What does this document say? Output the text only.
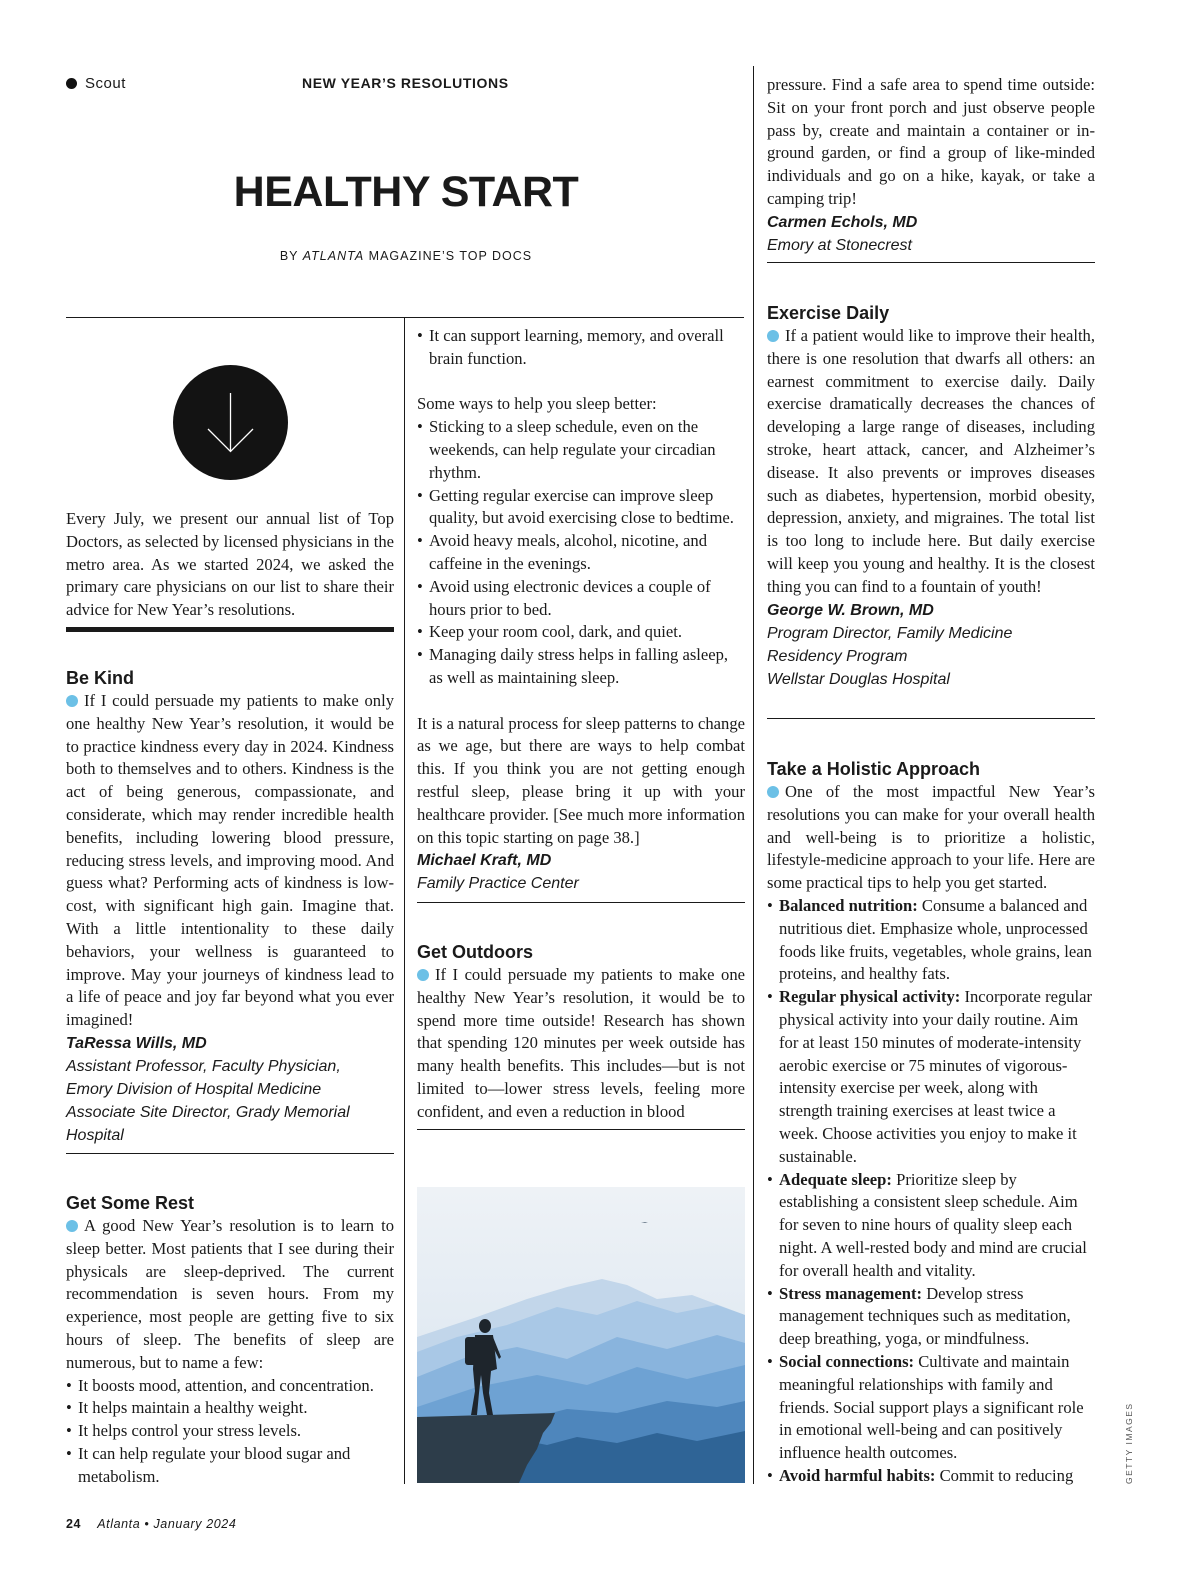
Scout	NEW YEAR’S RESOLUTIONS
HEALTHY START
BY ATLANTA MAGAZINE’S TOP DOCS
Every July, we present our annual list of Top Doctors, as selected by licensed physicians in the metro area. As we started 2024, we asked the primary care physicians on our list to share their advice for New Year’s resolutions.
Be Kind

If I could persuade my patients to make only one healthy New Year’s resolution, it would be to practice kindness every day in 2024. Kindness both to themselves and to others. Kindness is the act of being generous, compassionate, and considerate, which may render incredible health benefits, including lowering blood pressure, reducing stress levels, and improving mood. And guess what? Performing acts of kindness is low-cost, with significant high gain. Imagine that. With a little intentionality to these daily behaviors, your wellness is guaranteed to improve. May your journeys of kindness lead to a life of peace and joy far beyond what you ever imagined!

TaRessa Wills, MD
Assistant Professor, Faculty Physician,
Emory Division of Hospital Medicine
Associate Site Director, Grady Memorial
Hospital
Get Some Rest

A good New Year’s resolution is to learn to sleep better. Most patients that I see during their physicals are sleep-deprived. The current recommendation is seven hours. From my experience, most people are getting five to six hours of sleep. The benefits of sleep are numerous, but to name a few:

• It boosts mood, attention, and concentration.
• It helps maintain a healthy weight.
• It helps control your stress levels.
• It can help regulate your blood sugar and metabolism.
• It can support learning, memory, and overall brain function.

Some ways to help you sleep better:

• Sticking to a sleep schedule, even on the weekends, can help regulate your circadian rhythm.
• Getting regular exercise can improve sleep quality, but avoid exercising close to bedtime.
• Avoid heavy meals, alcohol, nicotine, and caffeine in the evenings.
• Avoid using electronic devices a couple of hours prior to bed.
• Keep your room cool, dark, and quiet.
• Managing daily stress helps in falling asleep, as well as maintaining sleep.

It is a natural process for sleep patterns to change as we age, but there are ways to help combat this. If you think you are not getting enough restful sleep, please bring it up with your healthcare provider. [See much more information on this topic starting on page 38.]

Michael Kraft, MD
Family Practice Center
Get Outdoors

If I could persuade my patients to make one healthy New Year’s resolution, it would be to spend more time outside! Research has shown that spending 120 minutes per week outside has many health benefits. This includes—but is not limited to—lower stress levels, feeling more confident, and even a reduction in blood

pressure. Find a safe area to spend time outside: Sit on your front porch and just observe people pass by, create and maintain a container or in-ground garden, or find a group of like-minded individuals and go on a hike, kayak, or take a camping trip!

Carmen Echols, MD
Emory at Stonecrest
Exercise Daily

If a patient would like to improve their health, there is one resolution that dwarfs all others: an earnest commitment to exercise daily. Daily exercise dramatically decreases the chances of developing a large range of diseases, including stroke, heart attack, cancer, and Alzheimer’s disease. It also prevents or improves diseases such as diabetes, hypertension, morbid obesity, depression, anxiety, and migraines. The total list is too long to include here. But daily exercise will keep you young and healthy. It is the closest thing you can find to a fountain of youth!

George W. Brown, MD
Program Director, Family Medicine
Residency Program
Wellstar Douglas Hospital
Take a Holistic Approach

One of the most impactful New Year’s resolutions you can make for your overall health and well-being is to prioritize a holistic, lifestyle-medicine approach to your life. Here are some practical tips to help you get started.

• Balanced nutrition: Consume a balanced and nutritious diet. Emphasize whole, unprocessed foods like fruits, vegetables, whole grains, lean proteins, and healthy fats.
• Regular physical activity: Incorporate regular physical activity into your daily routine. Aim for at least 150 minutes of moderate-intensity aerobic exercise or 75 minutes of vigorous-intensity exercise per week, along with strength training exercises at least twice a week. Choose activities you enjoy to make it sustainable.
• Adequate sleep: Prioritize sleep by establishing a consistent sleep schedule. Aim for seven to nine hours of quality sleep each night. A well-rested body and mind are crucial for overall health and vitality.
• Stress management: Develop stress management techniques such as meditation, deep breathing, yoga, or mindfulness.
• Social connections: Cultivate and maintain meaningful relationships with family and friends. Social support plays a significant role in emotional well-being and can positively influence health outcomes.
• Avoid harmful habits: Commit to reducing
24 Atlanta • January 2024
GETTY IMAGES
